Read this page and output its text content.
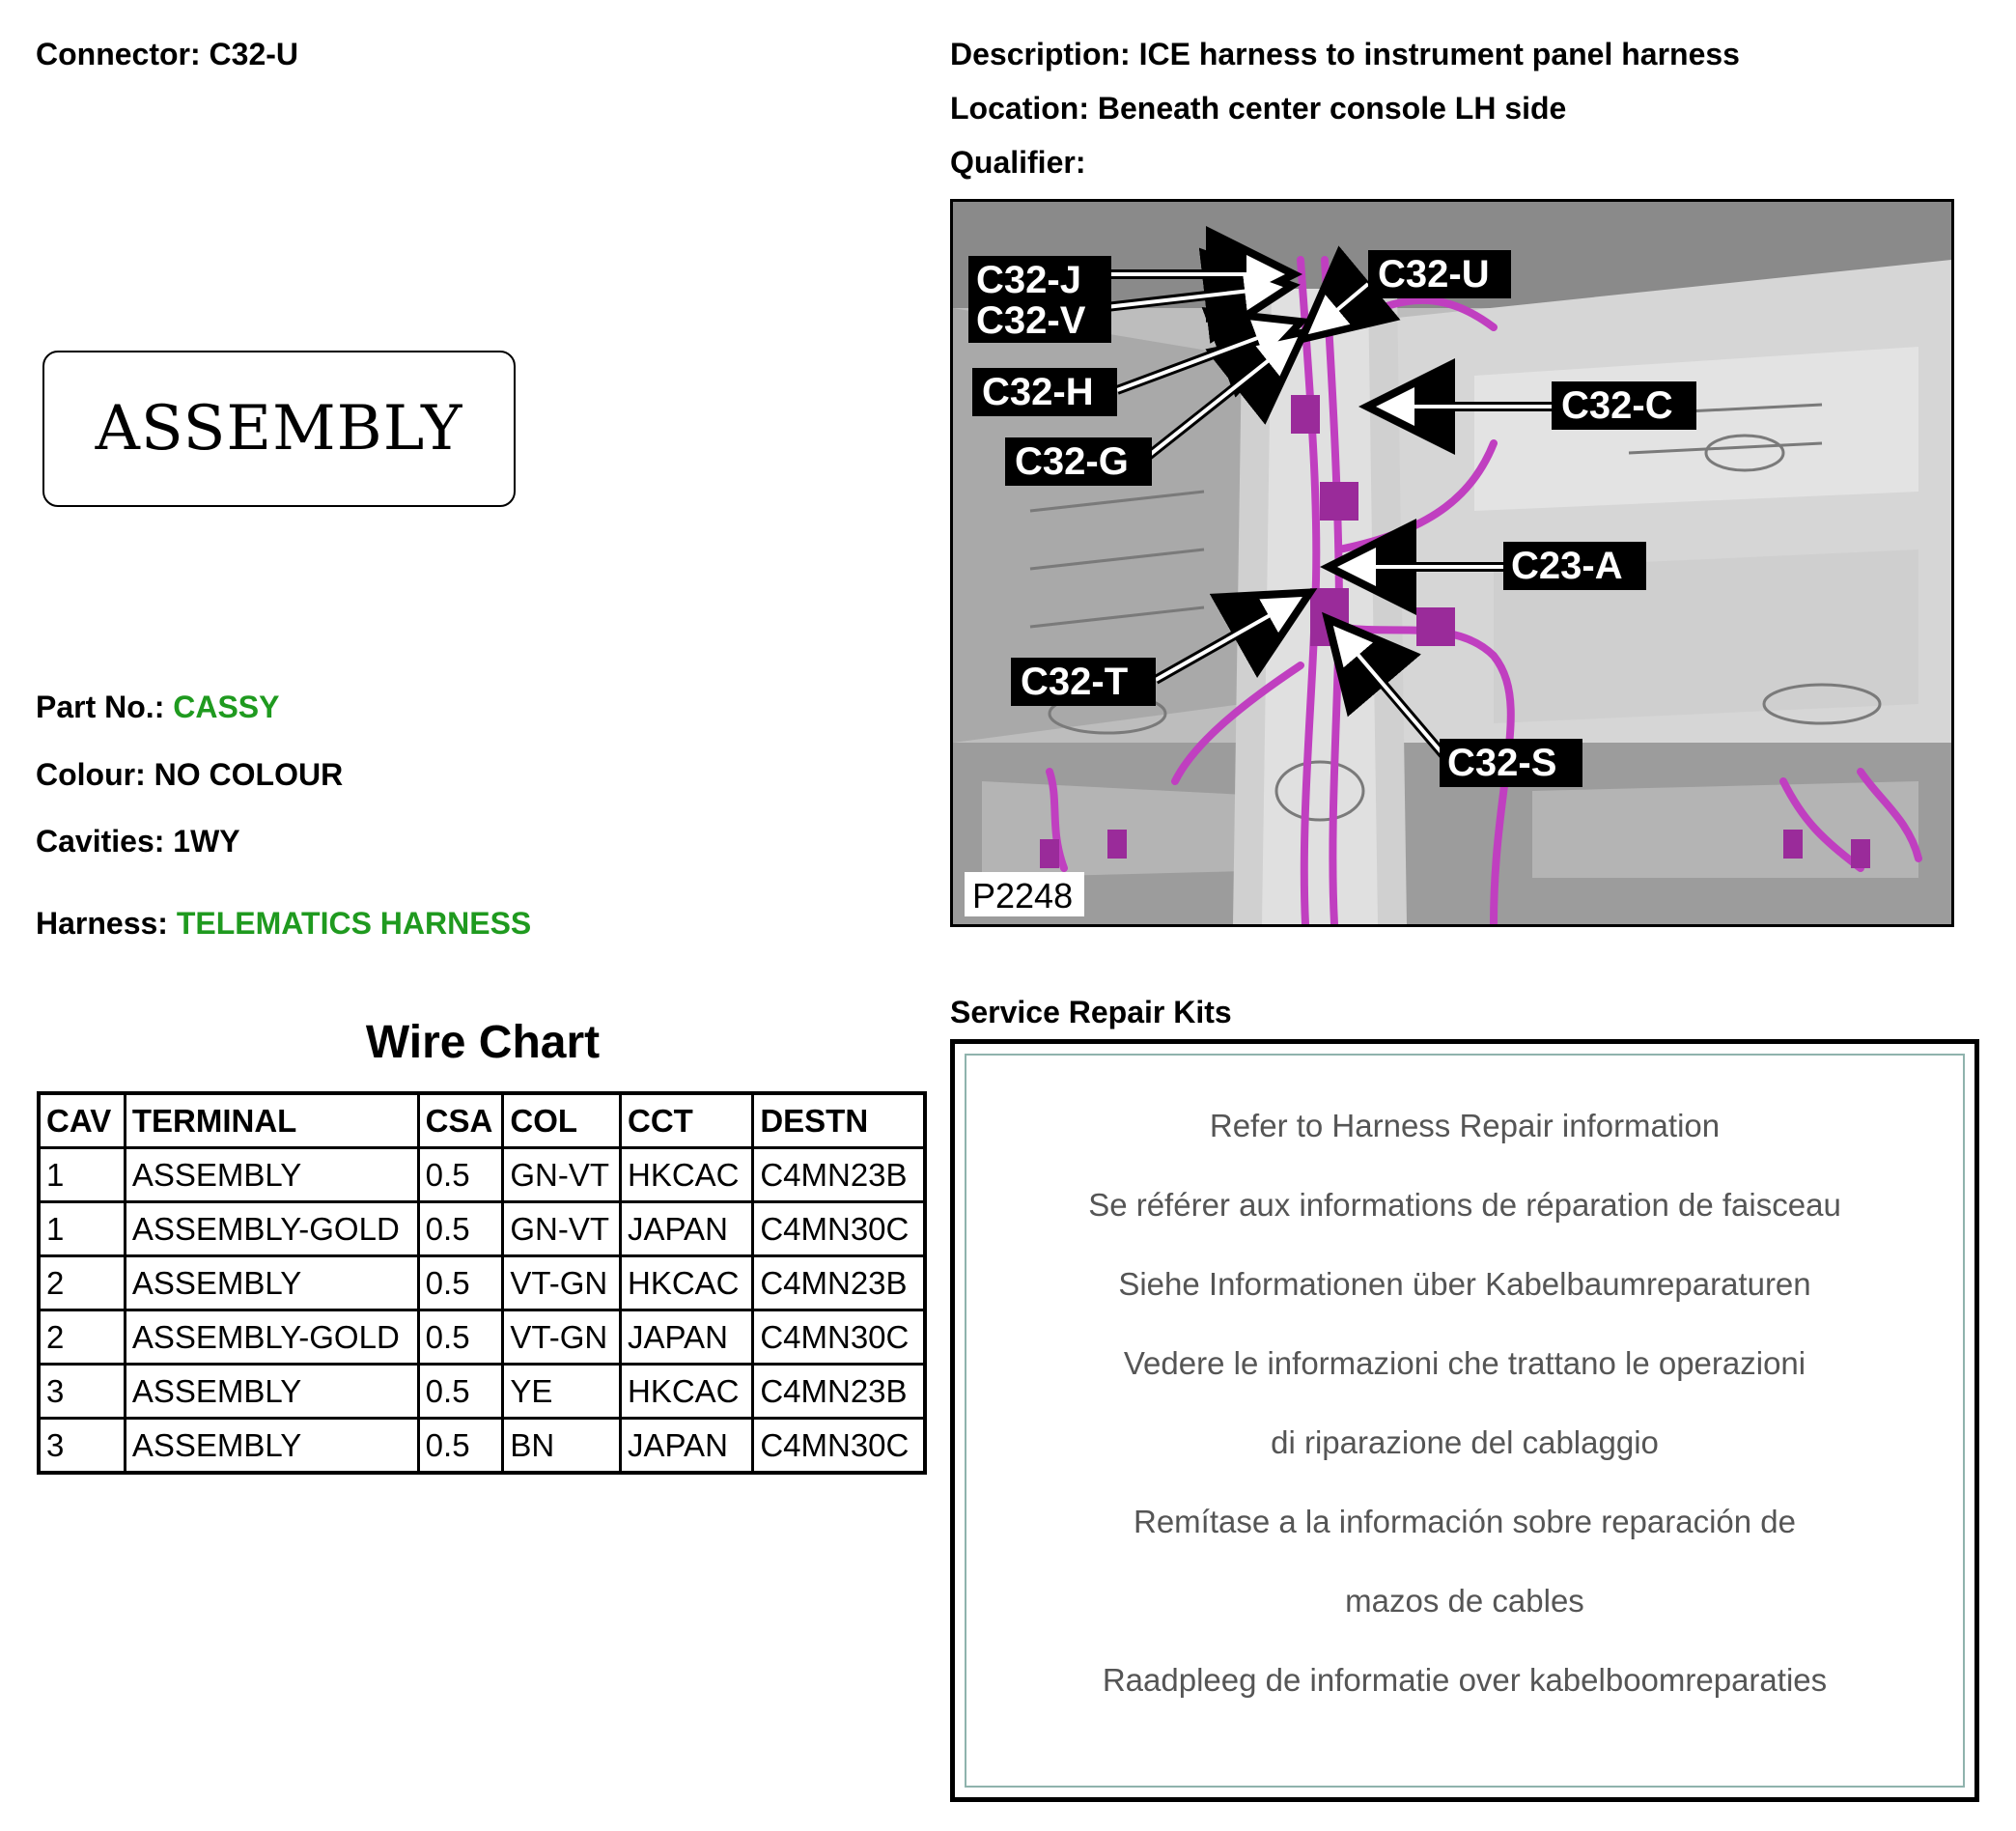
Connector: C32-U	Description: ICE harness to instrument panel harness
Location: Beneath center console LH side
Qualifier:
ASSEMBLY
Part No.: CASSY
Colour: NO COLOUR
Cavities: 1WY
Harness: TELEMATICS HARNESS
Wire Chart
CAV	TERMINAL	CSA	COL	CCT	DESTN
1	ASSEMBLY	0.5	GN-VT	HKCAC	C4MN23B
1	ASSEMBLY-GOLD	0.5	GN-VT	JAPAN	C4MN30C
2	ASSEMBLY	0.5	VT-GN	HKCAC	C4MN23B
2	ASSEMBLY-GOLD	0.5	VT-GN	JAPAN	C4MN30C
3	ASSEMBLY	0.5	YE	HKCAC	C4MN23B
3	ASSEMBLY	0.5	BN	JAPAN	C4MN30C
C32-J
C32-V
C32-U
C32-H	C32-C
C32-G
C23-A
C32-T
C32-S
P2248
Service Repair Kits
Refer to Harness Repair information
Se référer aux informations de réparation de faisceau
Siehe Informationen über Kabelbaumreparaturen
Vedere le informazioni che trattano le operazioni
di riparazione del cablaggio
Remítase a la información sobre reparación de
mazos de cables
Raadpleeg de informatie over kabelboomreparaties
